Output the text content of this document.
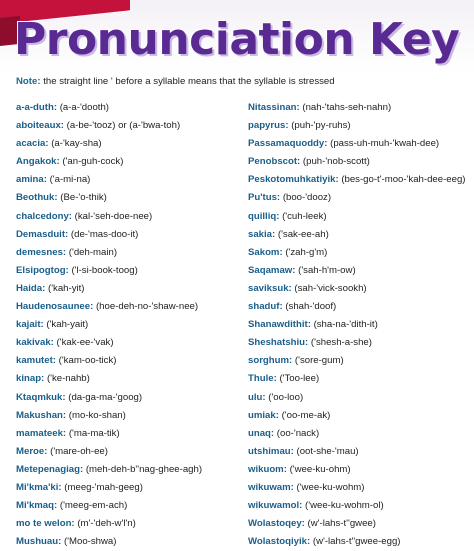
Pronunciation Key
Note: the straight line ' before a syllable means that the syllable is stressed
a-a-duth: (a-a-'dooth)
aboiteaux: (a-be-'tooz) or (a-'bwa-toh)
acacia: (a-'kay-sha)
Angakok: ('an-guh-cock)
amina: ('a-mi-na)
Beothuk: (Be-'o-thik)
chalcedony: (kal-'seh-doe-nee)
Demasduit: (de-'mas-doo-it)
demesnes: ('deh-main)
Elsipogtog: ('l-si-book-toog)
Haida: ('kah-yit)
Haudenosaunee: (hoe-deh-no-'shaw-nee)
kajait: ('kah-yait)
kakivak: ('kak-ee-'vak)
kamutet: ('kam-oo-tick)
kinap: ('ke-nahb)
Ktaqmkuk: (da-ga-ma-'goog)
Makushan: (mo-ko-shan)
mamateek: ('ma-ma-tik)
Meroe: ('mare-oh-ee)
Metepenagiag: (meh-deh-b''nag-ghee-agh)
Mi'kma'ki: (meeg-'mah-geeg)
Mi'kmaq: ('meeg-em-ach)
mo te welon: (m'-'deh-w'l'n)
Mushuau: ('Moo-shwa)
Nitassinan: (nah-'tahs-seh-nahn)
papyrus: (puh-'py-ruhs)
Passamaquoddy: (pass-uh-muh-'kwah-dee)
Penobscot: (puh-'nob-scott)
Peskotomuhkatiyik: (bes-go-t'-moo-'kah-dee-eeg)
Pu'tus: (boo-'dooz)
quilliq: ('cuh-leek)
sakia: ('sak-ee-ah)
Sakom: ('zah-g'm)
Saqamaw: ('sah-h'm-ow)
saviksuk: (sah-'vick-sookh)
shaduf: (shah-'doof)
Shanawdithit: (sha-na-'dith-it)
Sheshatshiu: ('shesh-a-she)
sorghum: ('sore-gum)
Thule: ('Too-lee)
ulu: ('oo-loo)
umiak: ('oo-me-ak)
unaq: (oo-'nack)
utshimau: (oot-she-'mau)
wikuom: ('wee-ku-ohm)
wikuwam: ('wee-ku-wohm)
wikuwamol: ('wee-ku-wohm-ol)
Wolastoqey: (w'-lahs-t''gwee)
Wolastoqiyik: (w'-lahs-t''gwee-egg)
